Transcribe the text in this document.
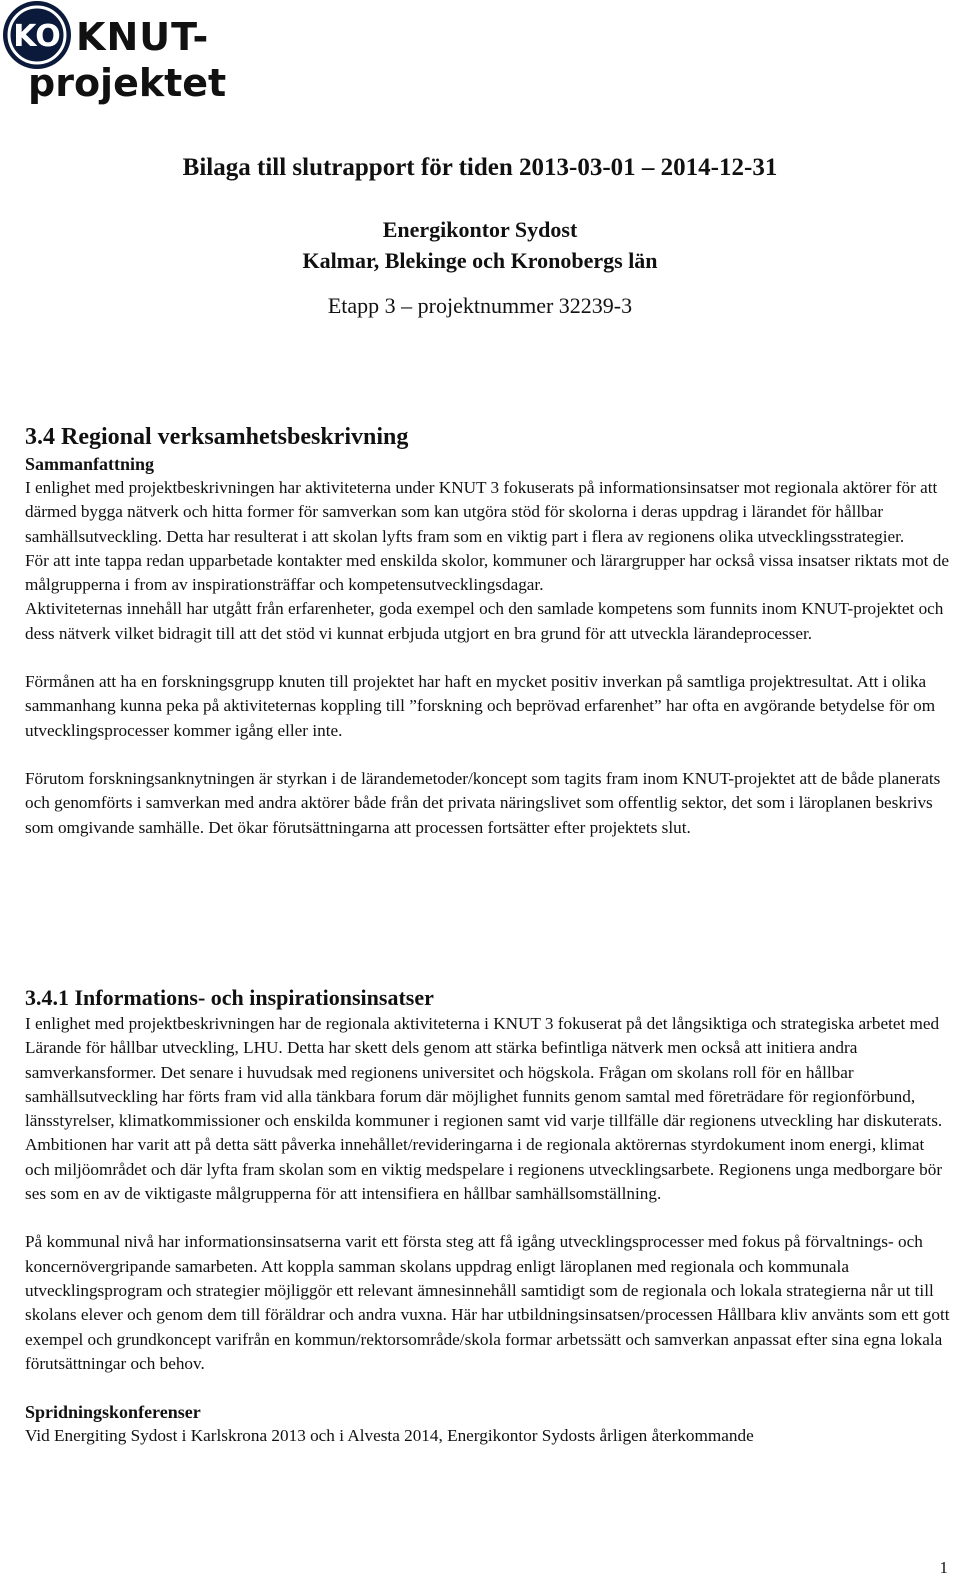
KO KNUT-
projektet
Bilaga till slutrapport för tiden 2013-03-01 – 2014-12-31
Energikontor Sydost
Kalmar, Blekinge och Kronobergs län
Etapp 3 – projektnummer 32239-3
3.4 Regional verksamhetsbeskrivning
Sammanfattning

I enlighet med projektbeskrivningen har aktiviteterna under KNUT 3 fokuserats på informationsinsatser mot regionala aktörer för att därmed bygga nätverk och hitta former för samverkan som kan utgöra stöd för skolorna i deras uppdrag i lärandet för hållbar samhällsutveckling. Detta har resulterat i att skolan lyfts fram som en viktig part i flera av regionens olika utvecklingsstrategier.

För att inte tappa redan upparbetade kontakter med enskilda skolor, kommuner och lärargrupper har också vissa insatser riktats mot de målgrupperna i from av inspirationsträffar och kompetensutvecklingsdagar.

Aktiviteternas innehåll har utgått från erfarenheter, goda exempel och den samlade kompetens som funnits inom KNUT-projektet och dess nätverk vilket bidragit till att det stöd vi kunnat erbjuda utgjort en bra grund för att utveckla lärandeprocesser.

Förmånen att ha en forskningsgrupp knuten till projektet har haft en mycket positiv inverkan på samtliga projektresultat. Att i olika sammanhang kunna peka på aktiviteternas koppling till ”forskning och beprövad erfarenhet” har ofta en avgörande betydelse för om utvecklingsprocesser kommer igång eller inte.

Förutom forskningsanknytningen är styrkan i de lärandemetoder/koncept som tagits fram inom KNUT-projektet att de både planerats och genomförts i samverkan med andra aktörer både från det privata näringslivet som offentlig sektor, det som i läroplanen beskrivs som omgivande samhälle. Det ökar förutsättningarna att processen fortsätter efter projektets slut.

3.4.1 Informations- och inspirationsinsatser

I enlighet med projektbeskrivningen har de regionala aktiviteterna i KNUT 3 fokuserat på det långsiktiga och strategiska arbetet med Lärande för hållbar utveckling, LHU. Detta har skett dels genom att stärka befintliga nätverk men också att initiera andra samverkansformer. Det senare i huvudsak med regionens universitet och högskola. Frågan om skolans roll för en hållbar samhällsutveckling har förts fram vid alla tänkbara forum där möjlighet funnits genom samtal med företrädare för regionförbund, länsstyrelser, klimatkommissioner och enskilda kommuner i regionen samt vid varje tillfälle där regionens utveckling har diskuterats. Ambitionen har varit att på detta sätt påverka innehållet/revideringarna i de regionala aktörernas styrdokument inom energi, klimat och miljöområdet och där lyfta fram skolan som en viktig medspelare i regionens utvecklingsarbete. Regionens unga medborgare bör ses som en av de viktigaste målgrupperna för att intensifiera en hållbar samhällsomställning.

På kommunal nivå har informationsinsatserna varit ett första steg att få igång utvecklingsprocesser med fokus på förvaltnings- och koncernövergripande samarbeten. Att koppla samman skolans uppdrag enligt läroplanen med regionala och kommunala utvecklingsprogram och strategier möjliggör ett relevant ämnesinnehåll samtidigt som de regionala och lokala strategierna når ut till skolans elever och genom dem till föräldrar och andra vuxna. Här har utbildningsinsatsen/processen Hållbara kliv använts som ett gott exempel och grundkoncept varifrån en kommun/rektorsområde/skola formar arbetssätt och samverkan anpassat efter sina egna lokala förutsättningar och behov.

Spridningskonferenser

Vid Energiting Sydost i Karlskrona 2013 och i Alvesta 2014, Energikontor Sydosts årligen återkommande

1
